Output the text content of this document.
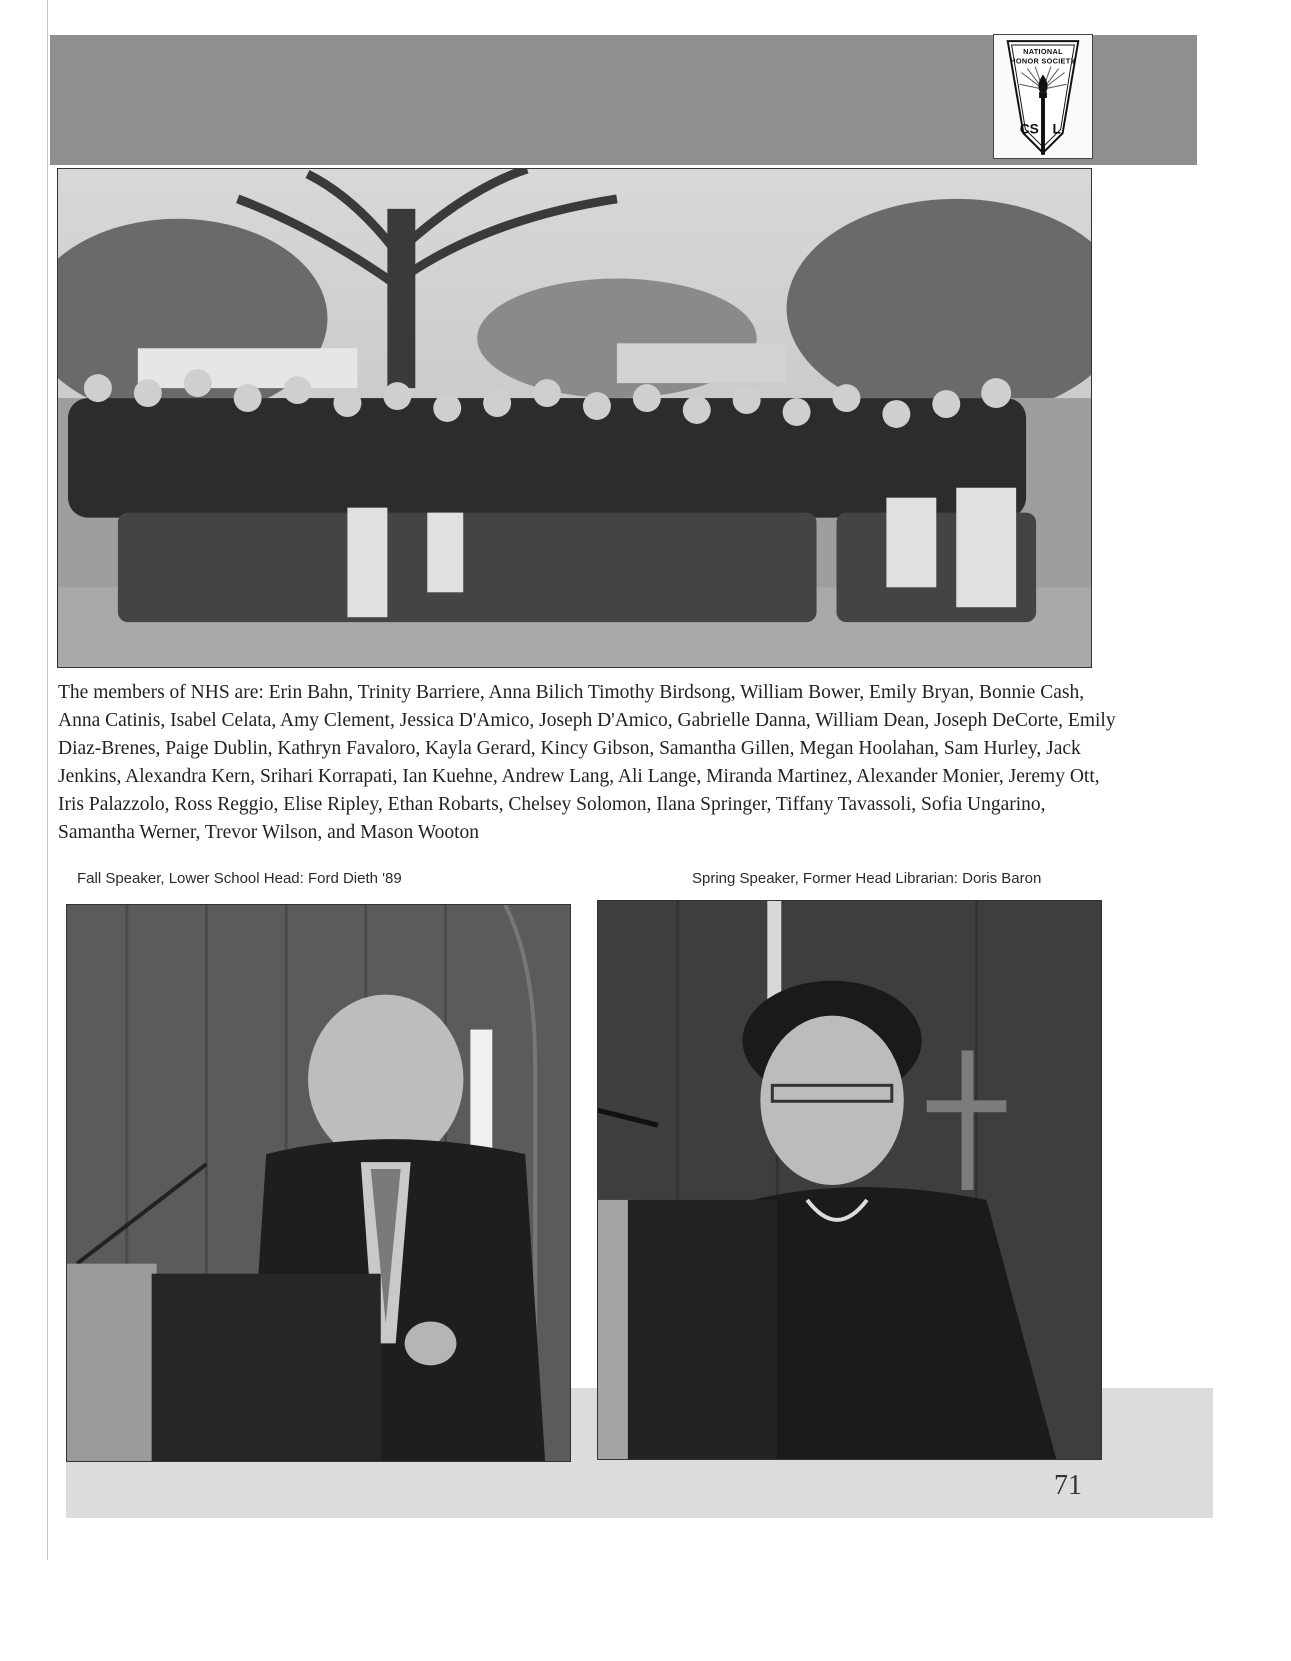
NATIONAL
HONOR SOCIETY
CS L

The members of NHS are: Erin Bahn, Trinity Barriere, Anna Bilich Timothy Birdsong, William Bower, Emily Bryan, Bonnie Cash, Anna Catinis, Isabel Celata, Amy Clement, Jessica D'Amico, Joseph D'Amico, Gabrielle Danna, William Dean, Joseph DeCorte, Emily Diaz-Brenes, Paige Dublin, Kathryn Favaloro, Kayla Gerard, Kincy Gibson, Samantha Gillen, Megan Hoolahan, Sam Hurley, Jack Jenkins, Alexandra Kern, Srihari Korrapati, Ian Kuehne, Andrew Lang, Ali Lange, Miranda Martinez, Alexander Monier, Jeremy Ott, Iris Palazzolo, Ross Reggio, Elise Ripley, Ethan Robarts, Chelsey Solomon, Ilana Springer, Tiffany Tavassoli, Sofia Ungarino, Samantha Werner, Trevor Wilson, and Mason Wooton

Fall Speaker, Lower School Head: Ford Dieth '89	Spring Speaker, Former Head Librarian: Doris Baron
71
